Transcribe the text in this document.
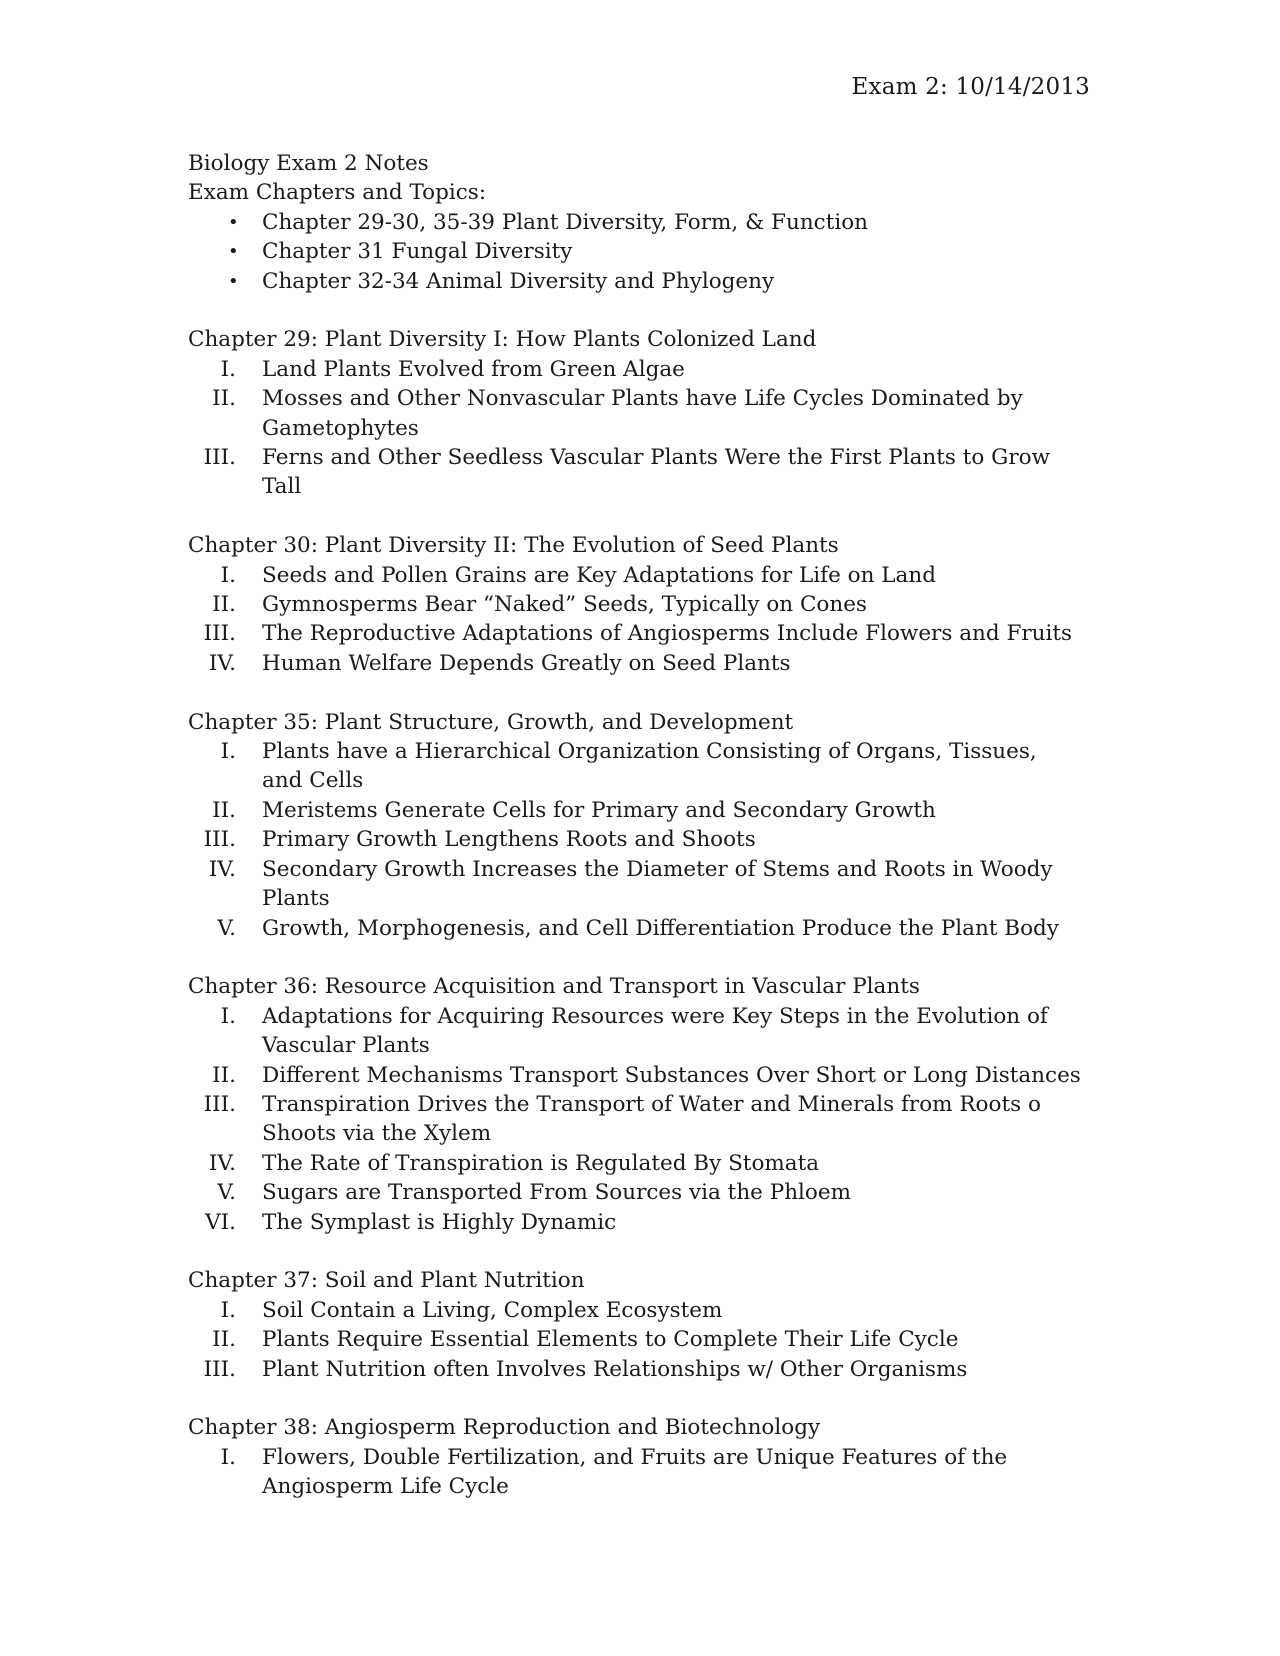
Exam 2: 10/14/2013
Biology Exam 2 Notes
Exam Chapters and Topics:
• Chapter 29-30, 35-39 Plant Diversity, Form, & Function
• Chapter 31 Fungal Diversity
• Chapter 32-34 Animal Diversity and Phylogeny
Chapter 29: Plant Diversity I: How Plants Colonized Land
I. Land Plants Evolved from Green Algae
II. Mosses and Other Nonvascular Plants have Life Cycles Dominated by Gametophytes
III. Ferns and Other Seedless Vascular Plants Were the First Plants to Grow Tall
Chapter 30: Plant Diversity II: The Evolution of Seed Plants
I. Seeds and Pollen Grains are Key Adaptations for Life on Land
II. Gymnosperms Bear “Naked” Seeds, Typically on Cones
III. The Reproductive Adaptations of Angiosperms Include Flowers and Fruits
IV. Human Welfare Depends Greatly on Seed Plants
Chapter 35: Plant Structure, Growth, and Development
I. Plants have a Hierarchical Organization Consisting of Organs, Tissues, and Cells
II. Meristems Generate Cells for Primary and Secondary Growth
III. Primary Growth Lengthens Roots and Shoots
IV. Secondary Growth Increases the Diameter of Stems and Roots in Woody Plants
V. Growth, Morphogenesis, and Cell Differentiation Produce the Plant Body
Chapter 36: Resource Acquisition and Transport in Vascular Plants
I. Adaptations for Acquiring Resources were Key Steps in the Evolution of Vascular Plants
II. Different Mechanisms Transport Substances Over Short or Long Distances
III. Transpiration Drives the Transport of Water and Minerals from Roots o Shoots via the Xylem
IV. The Rate of Transpiration is Regulated By Stomata
V. Sugars are Transported From Sources via the Phloem
VI. The Symplast is Highly Dynamic
Chapter 37: Soil and Plant Nutrition
I. Soil Contain a Living, Complex Ecosystem
II. Plants Require Essential Elements to Complete Their Life Cycle
III. Plant Nutrition often Involves Relationships w/ Other Organisms
Chapter 38: Angiosperm Reproduction and Biotechnology
I. Flowers, Double Fertilization, and Fruits are Unique Features of the Angiosperm Life Cycle
